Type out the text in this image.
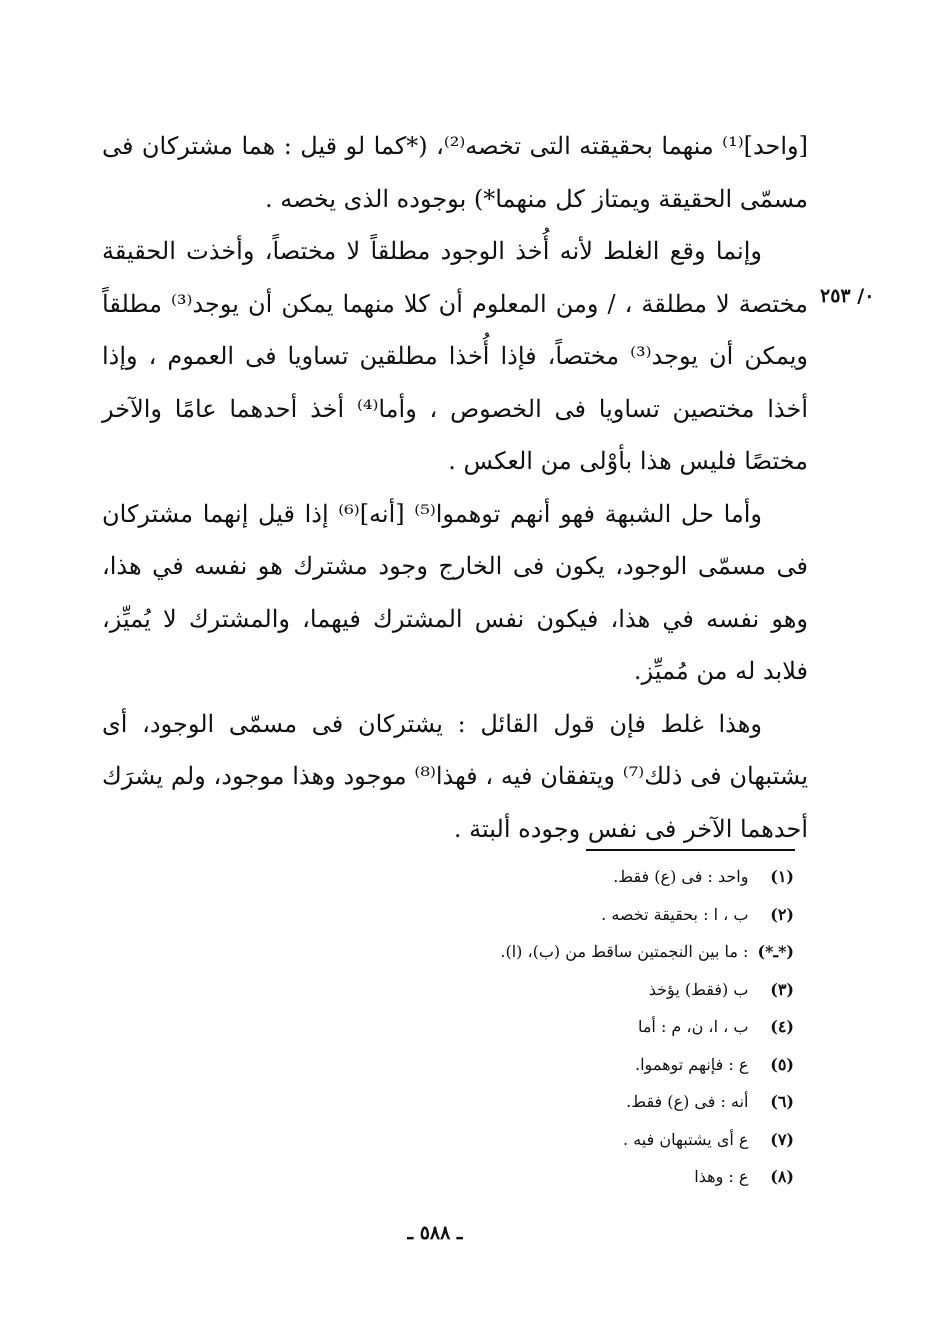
[واحد]⁽¹⁾ منهما بحقيقته التى تخصه⁽²⁾، (*كما لو قيل : هما مشتركان فى مسمّى الحقيقة ويمتاز كل منهما*) بوجوده الذى يخصه .

وإنما وقع الغلط لأنه أُخذ الوجود مطلقاً لا مختصاً، وأخذت الحقيقة مختصة لا مطلقة ، / ومن المعلوم أن كلا منهما يمكن أن يوجد⁽³⁾ مطلقاً ويمكن أن يوجد⁽³⁾ مختصاً، فإذا أُخذا مطلقين تساويا فى العموم ، وإذا أخذا مختصين تساويا فى الخصوص ، وأما⁽⁴⁾ أخذ أحدهما عامًا والآخر مختصًا فليس هذا بأوْلى من العكس .

وأما حل الشبهة فهو أنهم توهموا⁽⁵⁾ [أنه]⁽⁶⁾ إذا قيل إنهما مشتركان فى مسمّى الوجود، يكون فى الخارج وجود مشترك هو نفسه في هذا، وهو نفسه في هذا، فيكون نفس المشترك فيهما، والمشترك لا يُميِّز، فلابد له من مُميِّز.

وهذا غلط فإن قول القائل : يشتركان فى مسمّى الوجود، أى يشتبهان فى ذلك⁽⁷⁾ ويتفقان فيه ، فهذا⁽⁸⁾ موجود وهذا موجود، ولم يشرَك أحدهما الآخر فى نفس وجوده ألبتة .

٠/ ٢٥٣
(١) واحد : فى (ع) فقط.
(٢) ب ، ا : بحقيقة تخصه .
(*ـ*) : ما بين النجمتين ساقط من (ب)، (ا).
(٣) ب (فقط) يؤخذ
(٤) ب ، ا، ن، م : أما
(٥) ع : فإنهم توهموا.
(٦) أنه : فى (ع) فقط.
(٧) ع أى يشتبهان فيه .
(٨) ع : وهذا
ـ ٥٨٨ ـ
